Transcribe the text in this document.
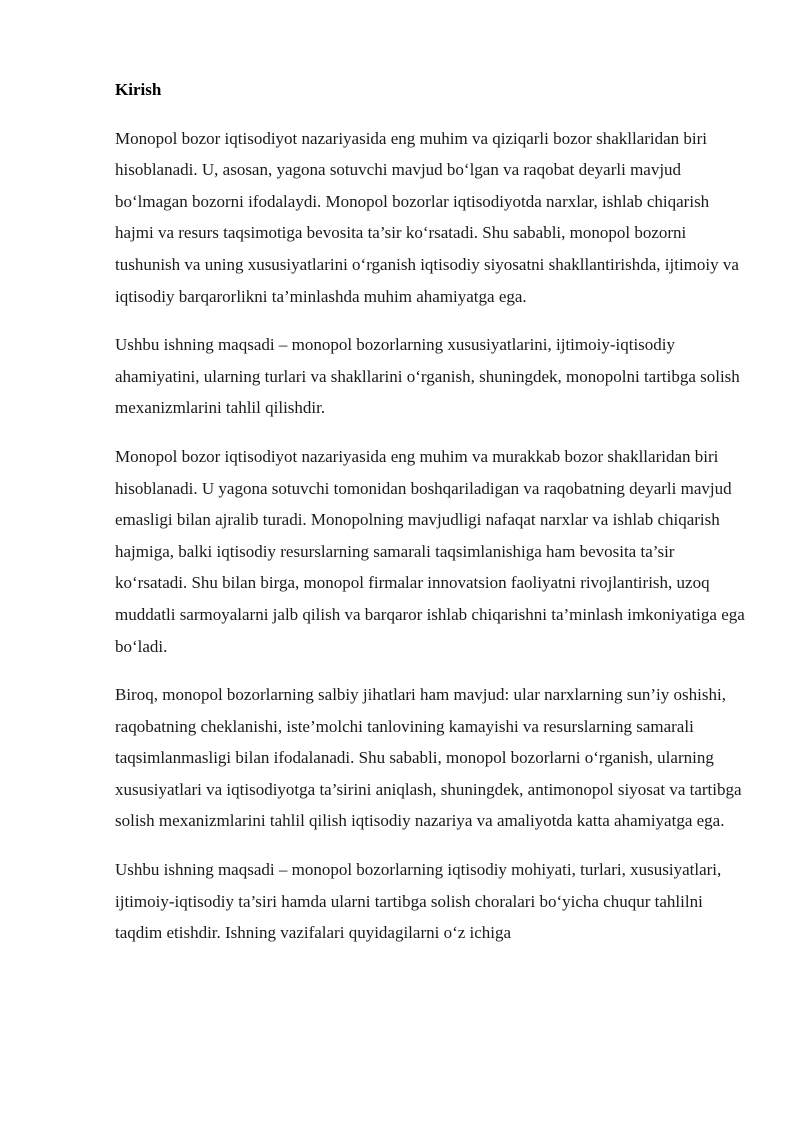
Kirish

Monopol bozor iqtisodiyot nazariyasida eng muhim va qiziqarli bozor shakllaridan biri hisoblanadi. U, asosan, yagona sotuvchi mavjud bo‘lgan va raqobat deyarli mavjud bo‘lmagan bozorni ifodalaydi. Monopol bozorlar iqtisodiyotda narxlar, ishlab chiqarish hajmi va resurs taqsimotiga bevosita ta’sir ko‘rsatadi. Shu sababli, monopol bozorni tushunish va uning xususiyatlarini o‘rganish iqtisodiy siyosatni shakllantirishda, ijtimoiy va iqtisodiy barqarorlikni ta’minlashda muhim ahamiyatga ega.

Ushbu ishning maqsadi – monopol bozorlarning xususiyatlarini, ijtimoiy-iqtisodiy ahamiyatini, ularning turlari va shakllarini o‘rganish, shuningdek, monopolni tartibga solish mexanizmlarini tahlil qilishdir.

Monopol bozor iqtisodiyot nazariyasida eng muhim va murakkab bozor shakllaridan biri hisoblanadi. U yagona sotuvchi tomonidan boshqariladigan va raqobatning deyarli mavjud emasligi bilan ajralib turadi. Monopolning mavjudligi nafaqat narxlar va ishlab chiqarish hajmiga, balki iqtisodiy resurslarning samarali taqsimlanishiga ham bevosita ta’sir ko‘rsatadi. Shu bilan birga, monopol firmalar innovatsion faoliyatni rivojlantirish, uzoq muddatli sarmoyalarni jalb qilish va barqaror ishlab chiqarishni ta’minlash imkoniyatiga ega bo‘ladi.

Biroq, monopol bozorlarning salbiy jihatlari ham mavjud: ular narxlarning sun’iy oshishi, raqobatning cheklanishi, iste’molchi tanlovining kamayishi va resurslarning samarali taqsimlanmasligi bilan ifodalanadi. Shu sababli, monopol bozorlarni o‘rganish, ularning xususiyatlari va iqtisodiyotga ta’sirini aniqlash, shuningdek, antimonopol siyosat va tartibga solish mexanizmlarini tahlil qilish iqtisodiy nazariya va amaliyotda katta ahamiyatga ega.

Ushbu ishning maqsadi – monopol bozorlarning iqtisodiy mohiyati, turlari, xususiyatlari, ijtimoiy-iqtisodiy ta’siri hamda ularni tartibga solish choralari bo‘yicha chuqur tahlilni taqdim etishdir. Ishning vazifalari quyidagilarni o‘z ichiga
